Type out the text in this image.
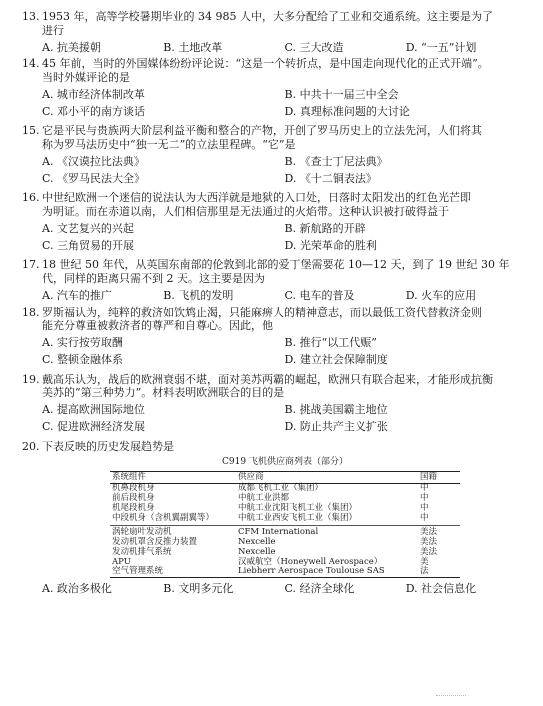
13. 1953 年，高等学校暑期毕业的 34 985 人中，大多分配给了工业和交通系统。这主要是为了
进行
A. 抗美援朝	B. 土地改革	C. 三大改造	D. “一五”计划
14. 45 年前，当时的外国媒体纷纷评论说：“这是一个转折点，是中国走向现代化的正式开端”。
当时外媒评论的是
A. 城市经济体制改革	B. 中共十一届三中全会
C. 邓小平的南方谈话	D. 真理标准问题的大讨论
15. 它是平民与贵族两大阶层利益平衡和整合的产物，开创了罗马历史上的立法先河，人们将其
称为罗马法历史中“独一无二”的立法里程碑。“它”是
A. 《汉谟拉比法典》	B. 《查士丁尼法典》
C. 《罗马民法大全》	D. 《十二铜表法》
16. 中世纪欧洲一个迷信的说法认为大西洋就是地狱的入口处，日落时太阳发出的红色光芒即
为明证。而在赤道以南，人们相信那里是无法通过的火焰带。这种认识被打破得益于
A. 文艺复兴的兴起	B. 新航路的开辟
C. 三角贸易的开展	D. 光荣革命的胜利
17. 18 世纪 50 年代，从英国东南部的伦敦到北部的爱丁堡需要花 10—12 天，到了 19 世纪 30 年
代，同样的距离只需不到 2 天。这主要是因为
A. 汽车的推广	B. 飞机的发明	C. 电车的普及	D. 火车的应用
18. 罗斯福认为，纯粹的救济如饮鸩止渴，只能麻痹人的精神意志，而以最低工资代替救济金则
能充分尊重被救济者的尊严和自尊心。因此，他
A. 实行按劳取酬	B. 推行“以工代赈”
C. 整顿金融体系	D. 建立社会保障制度
19. 戴高乐认为，战后的欧洲衰弱不堪，面对美苏两霸的崛起，欧洲只有联合起来，才能形成抗衡
美苏的“第三种势力”。材料表明欧洲联合的目的是
A. 提高欧洲国际地位	B. 挑战美国霸主地位
C. 促进欧洲经济发展	D. 防止共产主义扩张
20. 下表反映的历史发展趋势是
C919 飞机供应商列表（部分）
系统组件	供应商	国籍
机鼻段机身	成都飞机工业（集团）	中
前后段机身	中航工业洪都	中
机尾段机身	中航工业沈阳飞机工业（集团）	中
中段机身（含机翼副翼等）	中航工业西安飞机工业（集团）	中
涡轮扇叶发动机	CFM International	美法
发动机罩含反推力装置	Nexcelle	美法
发动机排气系统	Nexcelle	美法
APU	汉威航空（Honeywell Aerospace）	美
空气管理系统	Liebherr Aerospace Toulouse SAS	法
A. 政治多极化	B. 文明多元化	C. 经济全球化	D. 社会信息化
